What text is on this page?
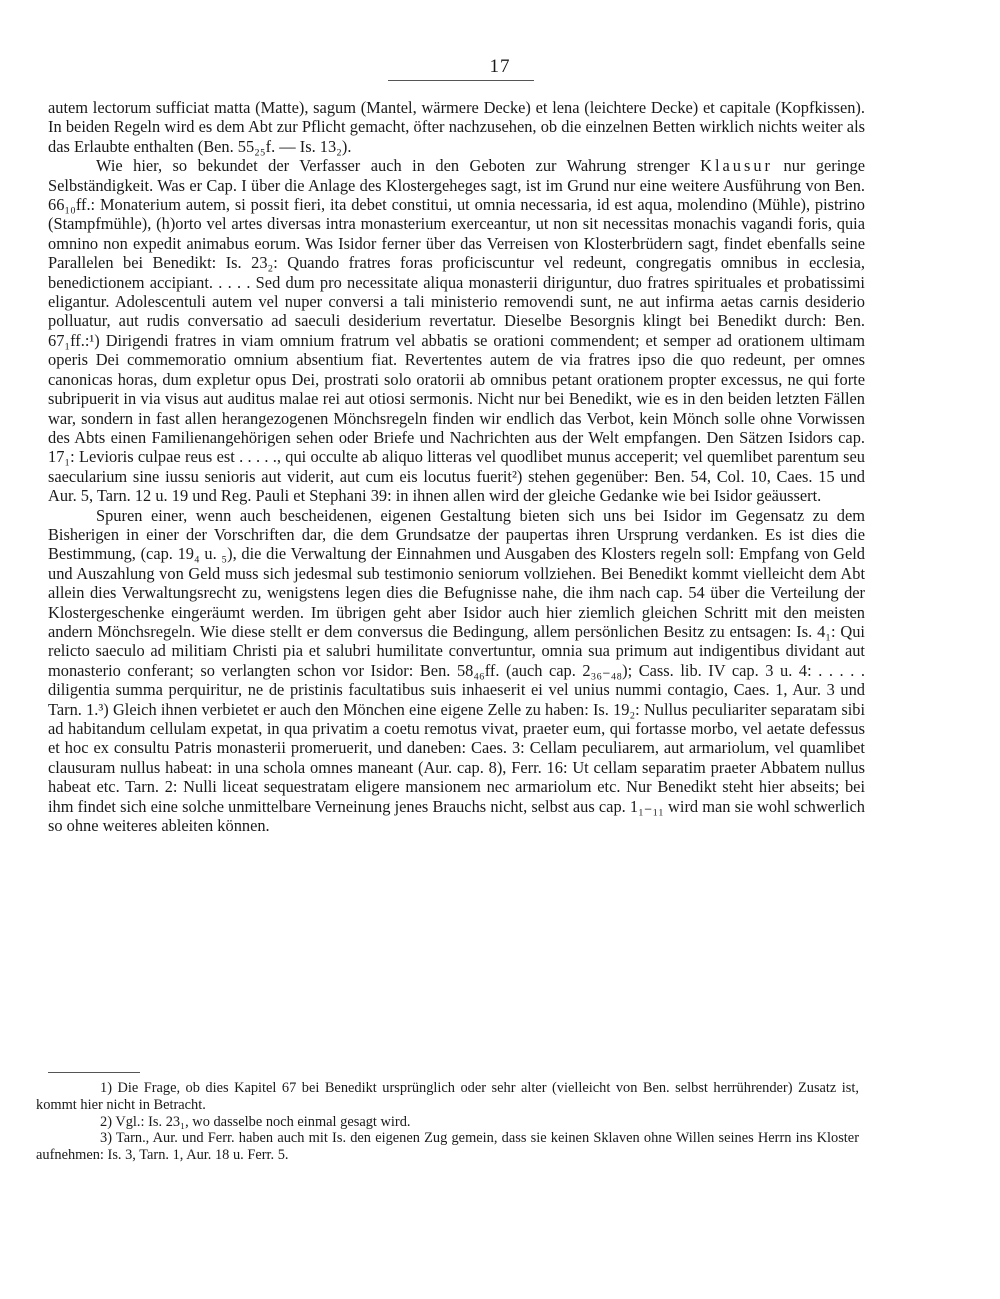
17

autem lectorum sufficiat matta (Matte), sagum (Mantel, wärmere Decke) et lena (leichtere Decke) et capitale (Kopfkissen). In beiden Regeln wird es dem Abt zur Pflicht gemacht, öfter nachzusehen, ob die einzelnen Betten wirklich nichts weiter als das Erlaubte enthalten (Ben. 55₂₅f. — Is. 13₂).

Wie hier, so bekundet der Verfasser auch in den Geboten zur Wahrung strenger Klausur nur geringe Selbständigkeit. Was er Cap. I über die Anlage des Klostergeheges sagt, ist im Grund nur eine weitere Ausführung von Ben. 66₁₀ff.: Monaterium autem, si possit fieri, ita debet constitui, ut omnia necessaria, id est aqua, molendino (Mühle), pistrino (Stampfmühle), (h)orto vel artes diversas intra monasterium exerceantur, ut non sit necessitas monachis vagandi foris, quia omnino non expedit animabus eorum. Was Isidor ferner über das Verreisen von Klosterbrüdern sagt, findet ebenfalls seine Parallelen bei Benedikt: Is. 23₂: Quando fratres foras proficiscuntur vel redeunt, congregatis omnibus in ecclesia, benedictionem accipiant. . . . . Sed dum pro necessitate aliqua monasterii diriguntur, duo fratres spirituales et probatissimi eligantur. Adolescentuli autem vel nuper conversi a tali ministerio removendi sunt, ne aut infirma aetas carnis desiderio polluatur, aut rudis conversatio ad saeculi desiderium revertatur. Dieselbe Besorgnis klingt bei Benedikt durch: Ben. 67₁ff.:¹) Dirigendi fratres in viam omnium fratrum vel abbatis se orationi commendent; et semper ad orationem ultimam operis Dei commemoratio omnium absentium fiat. Revertentes autem de via fratres ipso die quo redeunt, per omnes canonicas horas, dum expletur opus Dei, prostrati solo oratorii ab omnibus petant orationem propter excessus, ne qui forte subripuerit in via visus aut auditus malae rei aut otiosi sermonis. Nicht nur bei Benedikt, wie es in den beiden letzten Fällen war, sondern in fast allen herangezogenen Mönchsregeln finden wir endlich das Verbot, kein Mönch solle ohne Vorwissen des Abts einen Familienangehörigen sehen oder Briefe und Nachrichten aus der Welt empfangen. Den Sätzen Isidors cap. 17₁: Levioris culpae reus est . . . . ., qui occulte ab aliquo litteras vel quodlibet munus acceperit; vel quemlibet parentum seu saecularium sine iussu senioris aut viderit, aut cum eis locutus fuerit²) stehen gegenüber: Ben. 54, Col. 10, Caes. 15 und Aur. 5, Tarn. 12 u. 19 und Reg. Pauli et Stephani 39: in ihnen allen wird der gleiche Gedanke wie bei Isidor geäussert.

Spuren einer, wenn auch bescheidenen, eigenen Gestaltung bieten sich uns bei Isidor im Gegensatz zu dem Bisherigen in einer der Vorschriften dar, die dem Grundsatze der paupertas ihren Ursprung verdanken. Es ist dies die Bestimmung, (cap. 19₄ u. ₅), die die Verwaltung der Einnahmen und Ausgaben des Klosters regeln soll: Empfang von Geld und Auszahlung von Geld muss sich jedesmal sub testimonio seniorum vollziehen. Bei Benedikt kommt vielleicht dem Abt allein dies Verwaltungsrecht zu, wenigstens legen dies die Befugnisse nahe, die ihm nach cap. 54 über die Verteilung der Klostergeschenke eingeräumt werden. Im übrigen geht aber Isidor auch hier ziemlich gleichen Schritt mit den meisten andern Mönchsregeln. Wie diese stellt er dem conversus die Bedingung, allem persönlichen Besitz zu entsagen: Is. 4₁: Qui relicto saeculo ad militiam Christi pia et salubri humilitate convertuntur, omnia sua primum aut indigentibus dividant aut monasterio conferant; so verlangten schon vor Isidor: Ben. 58₄₆ff. (auch cap. 2₃₆₋₄₈); Cass. lib. IV cap. 3 u. 4: . . . . . diligentia summa perquiritur, ne de pristinis facultatibus suis inhaeserit ei vel unius nummi contagio, Caes. 1, Aur. 3 und Tarn. 1.³) Gleich ihnen verbietet er auch den Mönchen eine eigene Zelle zu haben: Is. 19₂: Nullus peculiariter separatam sibi ad habitandum cellulam expetat, in qua privatim a coetu remotus vivat, praeter eum, qui fortasse morbo, vel aetate defessus et hoc ex consultu Patris monasterii promeruerit, und daneben: Caes. 3: Cellam peculiarem, aut armariolum, vel quamlibet clausuram nullus habeat: in una schola omnes maneant (Aur. cap. 8), Ferr. 16: Ut cellam separatim praeter Abbatem nullus habeat etc. Tarn. 2: Nulli liceat sequestratam eligere mansionem nec armariolum etc. Nur Benedikt steht hier abseits; bei ihm findet sich eine solche unmittelbare Verneinung jenes Brauchs nicht, selbst aus cap. 1₁₋₁₁ wird man sie wohl schwerlich so ohne weiteres ableiten können.

1) Die Frage, ob dies Kapitel 67 bei Benedikt ursprünglich oder sehr alter (vielleicht von Ben. selbst herrührender) Zusatz ist, kommt hier nicht in Betracht.

2) Vgl.: Is. 23₁, wo dasselbe noch einmal gesagt wird.

3) Tarn., Aur. und Ferr. haben auch mit Is. den eigenen Zug gemein, dass sie keinen Sklaven ohne Willen seines Herrn ins Kloster aufnehmen: Is. 3, Tarn. 1, Aur. 18 u. Ferr. 5.
